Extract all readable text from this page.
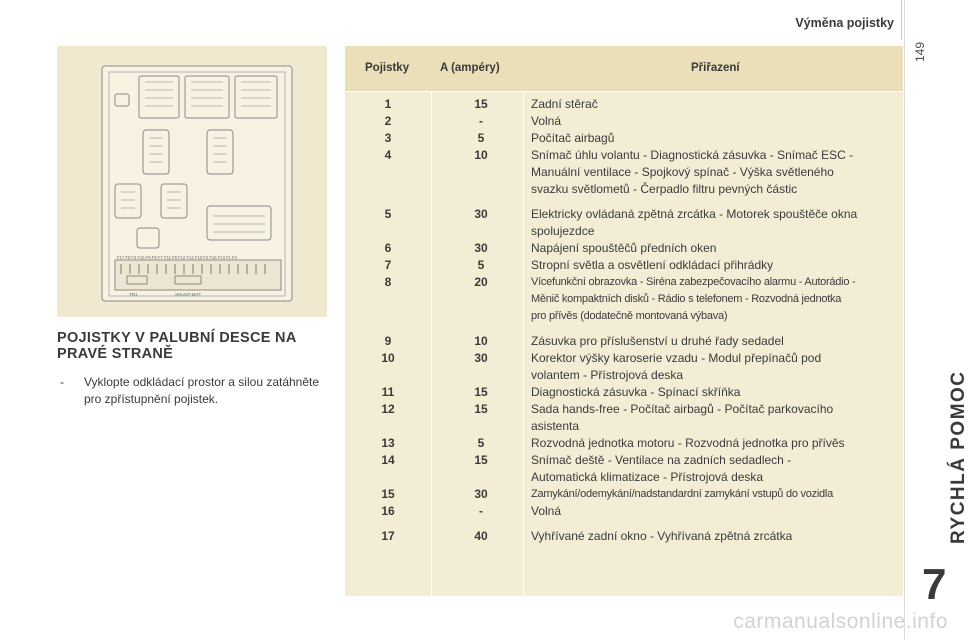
Výměna pojistky
149
RYCHLÁ POMOC
7
F17 F8 F3 F15 F6 F5 F7 F11 F9 F12 F14 F10 F2 F16 F13 F1 F4
TR1	SHUNT-MVT
POJISTKY V PALUBNÍ DESCE NA
PRAVÉ STRANĚ
-	Vyklopte odkládací prostor a silou zatáhněte pro zpřístupnění pojistek.
Pojistky	A (ampéry)	Přiřazení
1	15	Zadní stěrač
2	-	Volná
3	5	Počítač airbagů
4	10	Snímač úhlu volantu - Diagnostická zásuvka - Snímač ESC -
Manuální ventilace - Spojkový spínač - Výška světleného
svazku světlometů - Čerpadlo filtru pevných částic
5	30	Elektricky ovládaná zpětná zrcátka - Motorek spouštěče okna
spolujezdce
6	30	Napájení spouštěčů předních oken
7	5	Stropní světla a osvětlení odkládací přihrádky
8	20	Vícefunkční obrazovka - Siréna zabezpečovacího alarmu - Autorádio -
Měnič kompaktních disků - Rádio s telefonem - Rozvodná jednotka
pro přívěs (dodatečně montovaná výbava)
9	10	Zásuvka pro příslušenství u druhé řady sedadel
10	30	Korektor výšky karoserie vzadu - Modul přepínačů pod
volantem - Přístrojová deska
11	15	Diagnostická zásuvka - Spínací skříňka
12	15	Sada hands-free - Počítač airbagů - Počítač parkovacího
asistenta
13	5	Rozvodná jednotka motoru - Rozvodná jednotka pro přívěs
14	15	Snímač deště - Ventilace na zadních sedadlech -
Automatická klimatizace - Přístrojová deska
15	30	Zamykání/odemykání/nadstandardní zamykání vstupů do vozidla
16	-	Volná
17	40	Vyhřívané zadní okno - Vyhřívaná zpětná zrcátka
carmanualsonline.info
